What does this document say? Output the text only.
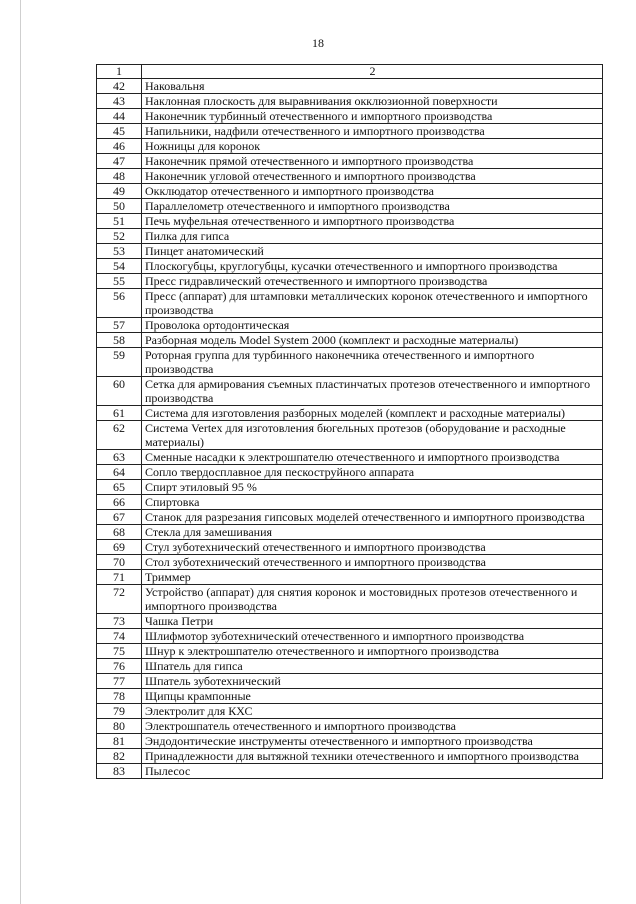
18
1	2
42	Наковальня
43	Наклонная плоскость для выравнивания окклюзионной поверхности
44	Наконечник турбинный отечественного и импортного производства
45	Напильники, надфили отечественного и импортного производства
46	Ножницы для коронок
47	Наконечник прямой отечественного и импортного производства
48	Наконечник угловой отечественного и импортного производства
49	Окклюдатор отечественного и импортного производства
50	Параллелометр отечественного и импортного производства
51	Печь муфельная отечественного и импортного производства
52	Пилка для гипса
53	Пинцет анатомический
54	Плоскогубцы, круглогубцы, кусачки отечественного и импортного производства
55	Пресс гидравлический отечественного и импортного производства
56	Пресс (аппарат) для штамповки металлических коронок отечественного и импортного производства
57	Проволока ортодонтическая
58	Разборная модель Model System 2000 (комплект и расходные материалы)
59	Роторная группа для турбинного наконечника отечественного и импортного производства
60	Сетка для армирования съемных пластинчатых протезов отечественного и импортного производства
61	Система для изготовления разборных моделей (комплект и расходные материалы)
62	Система Vertex для изготовления бюгельных протезов (оборудование и расходные материалы)
63	Сменные насадки к электрошпателю отечественного и импортного производства
64	Сопло твердосплавное для пескоструйного аппарата
65	Спирт этиловый 95 %
66	Спиртовка
67	Станок для разрезания гипсовых моделей отечественного и импортного производства
68	Стекла для замешивания
69	Стул зуботехнический отечественного и импортного производства
70	Стол зуботехнический отечественного и импортного производства
71	Триммер
72	Устройство (аппарат) для снятия коронок и мостовидных протезов отечественного и импортного производства
73	Чашка Петри
74	Шлифмотор зуботехнический отечественного и импортного производства
75	Шнур к электрошпателю отечественного и импортного производства
76	Шпатель для гипса
77	Шпатель зуботехнический
78	Щипцы крампонные
79	Электролит для КХС
80	Электрошпатель отечественного и импортного производства
81	Эндодонтические инструменты отечественного и импортного производства
82	Принадлежности для вытяжной техники отечественного и импортного производства
83	Пылесос
